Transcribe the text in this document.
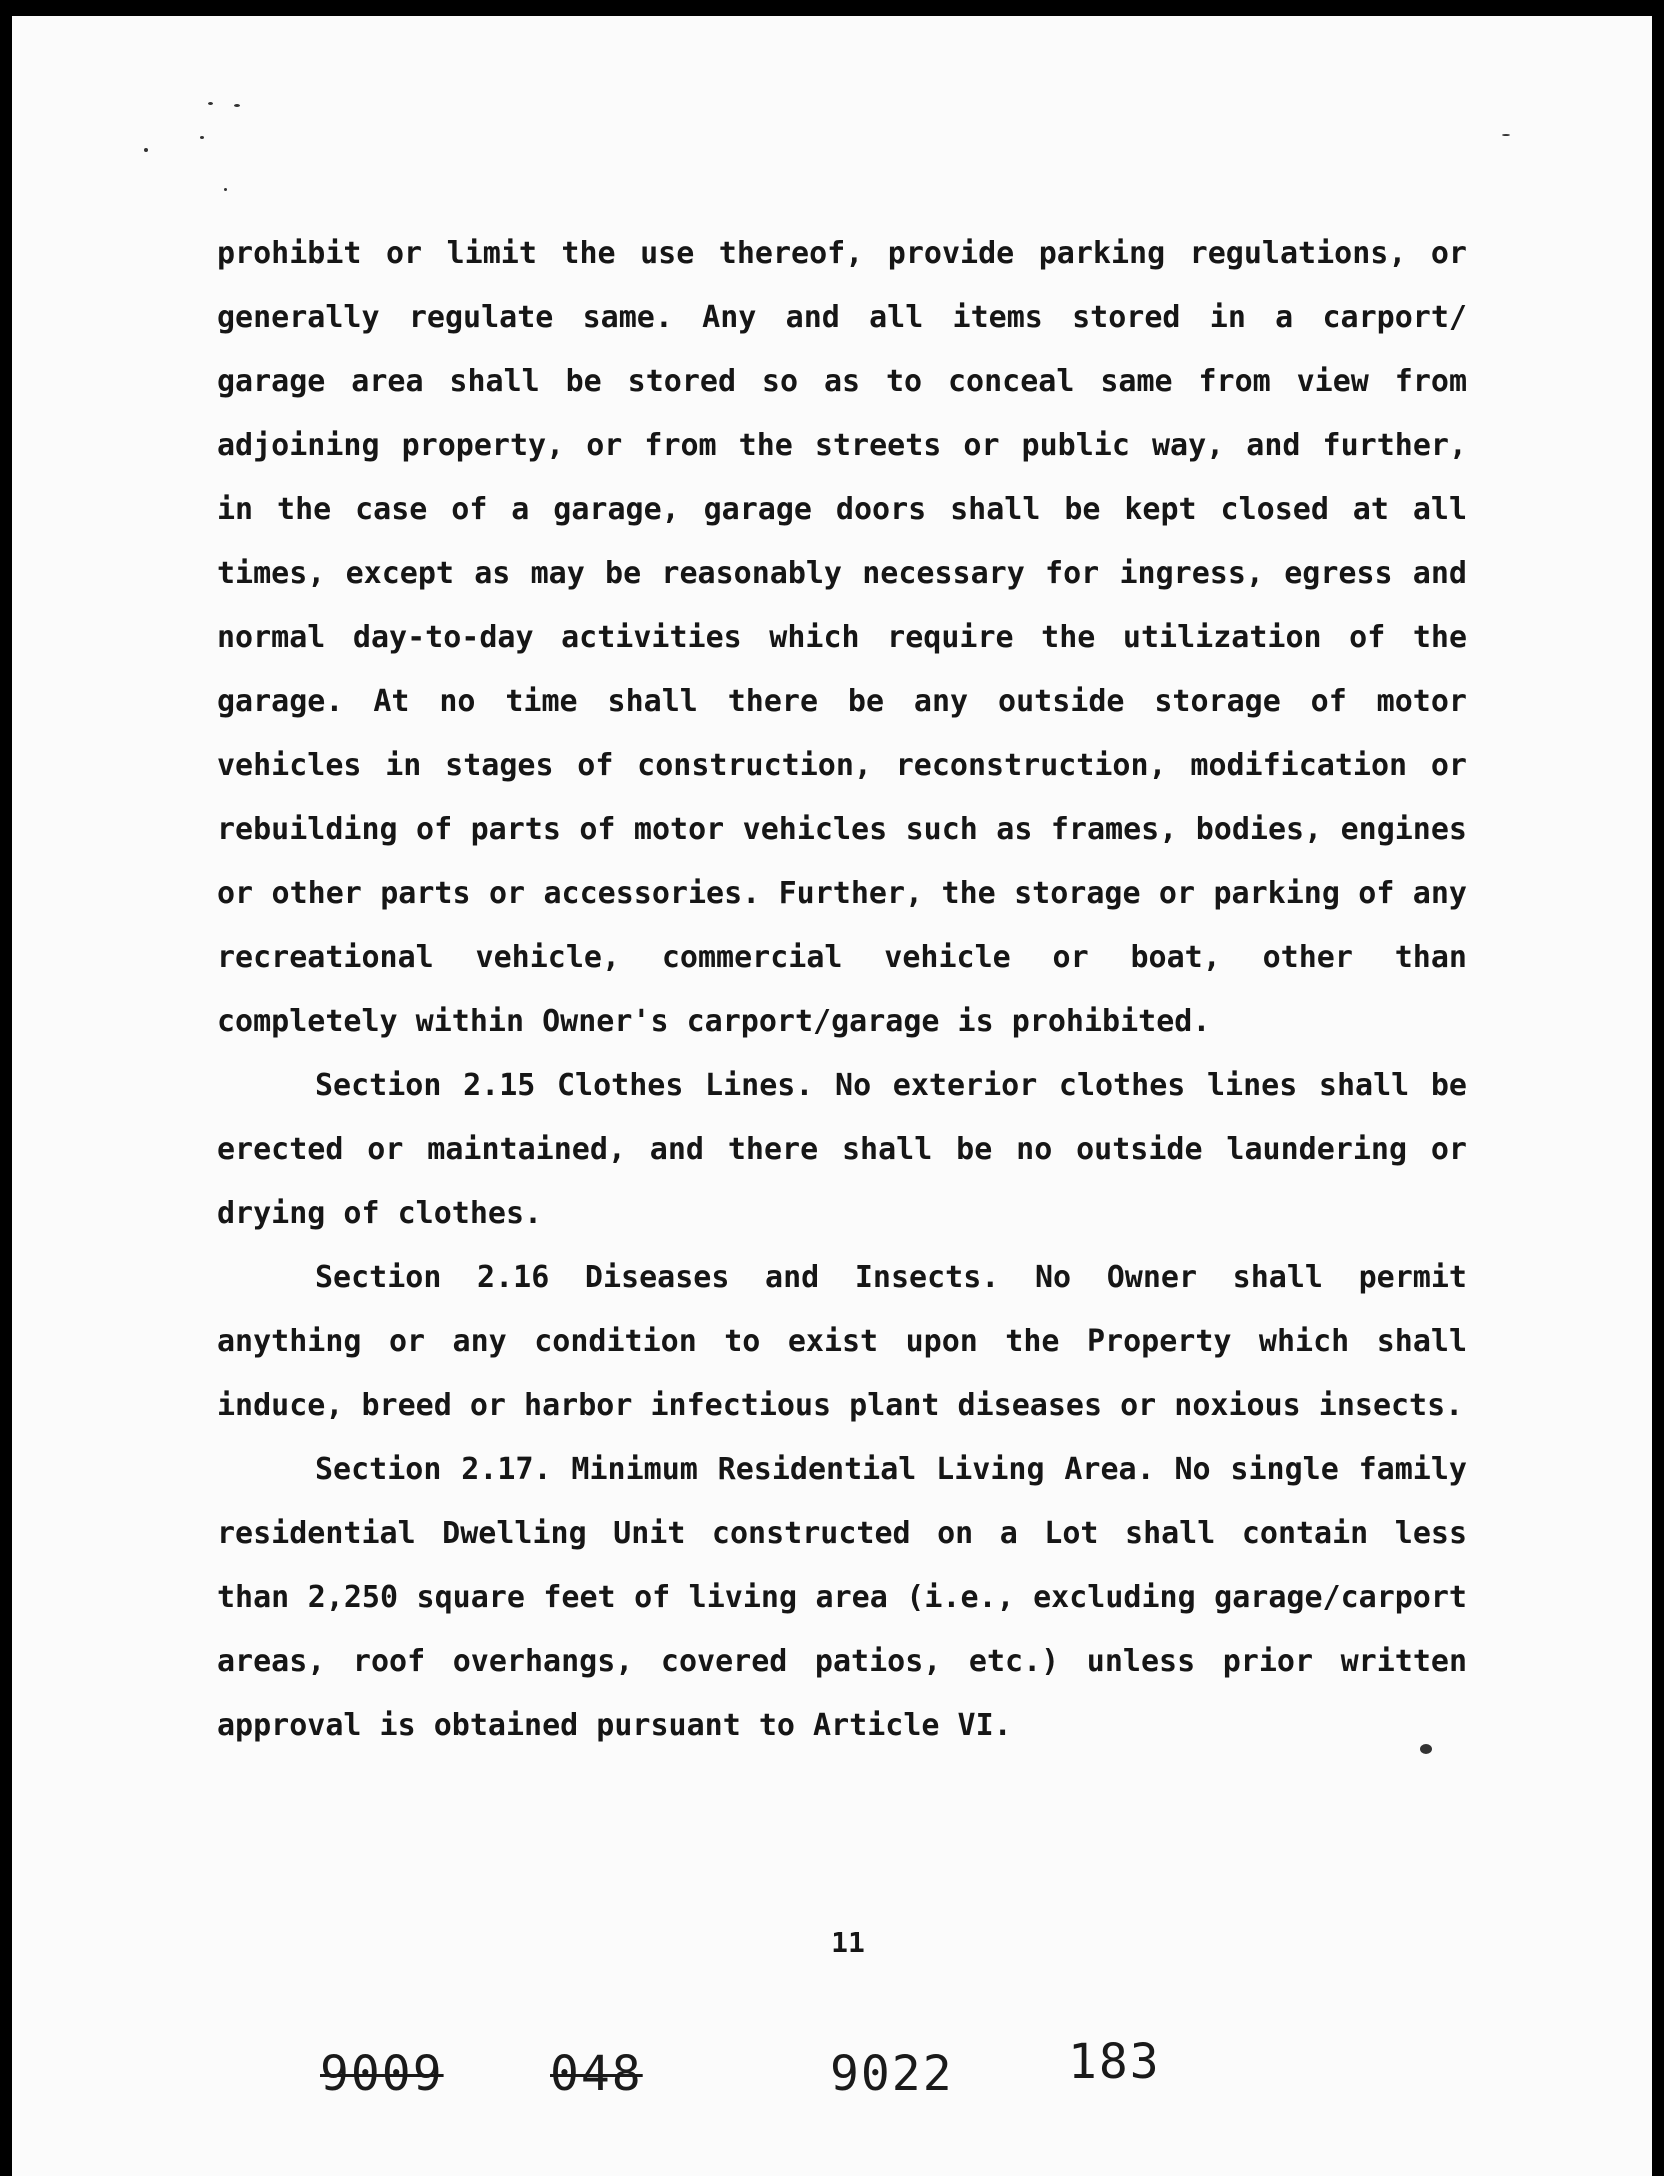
prohibit or limit the use thereof, provide parking regulations, or generally regulate same. Any and all items stored in a carport/ garage area shall be stored so as to conceal same from view from adjoining property, or from the streets or public way, and further, in the case of a garage, garage doors shall be kept closed at all times, except as may be reasonably necessary for ingress, egress and normal day-to-day activities which require the utilization of the garage. At no time shall there be any outside storage of motor vehicles in stages of construction, reconstruction, modification or rebuilding of parts of motor vehicles such as frames, bodies, engines or other parts or accessories. Further, the storage or parking of any recreational vehicle, commercial vehicle or boat, other than completely within Owner's carport/garage is prohibited.

Section 2.15 Clothes Lines. No exterior clothes lines shall be erected or maintained, and there shall be no outside laundering or drying of clothes.

Section 2.16 Diseases and Insects. No Owner shall permit anything or any condition to exist upon the Property which shall induce, breed or harbor infectious plant diseases or noxious insects.

Section 2.17. Minimum Residential Living Area. No single family residential Dwelling Unit constructed on a Lot shall contain less than 2,250 square feet of living area (i.e., excluding garage/carport areas, roof overhangs, covered patios, etc.) unless prior written approval is obtained pursuant to Article VI.

11
9009 048	9022 183
